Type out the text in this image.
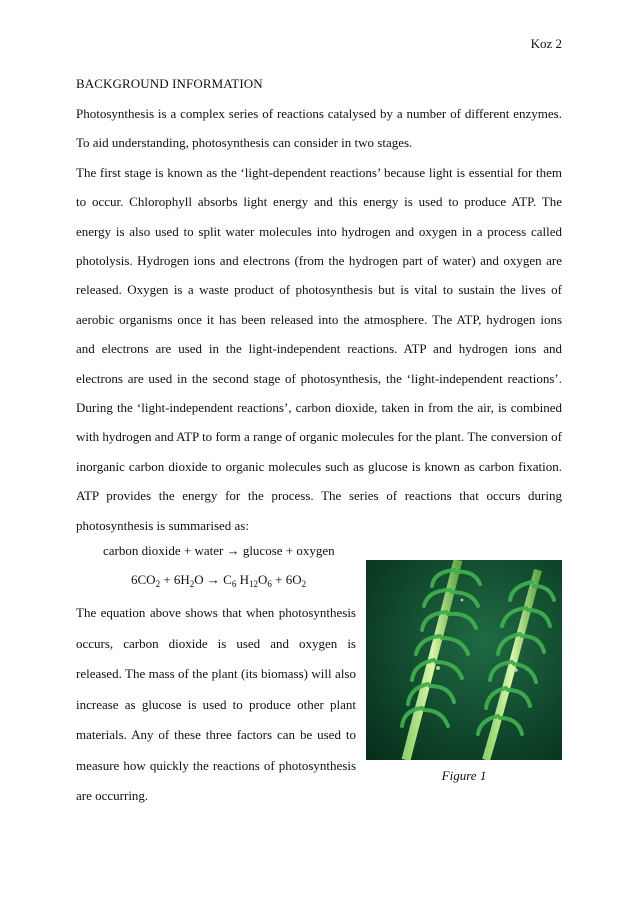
Koz 2
BACKGROUND INFORMATION

Photosynthesis is a complex series of reactions catalysed by a number of different enzymes. To aid understanding, photosynthesis can consider in two stages.

The first stage is known as the ‘light-dependent reactions’ because light is essential for them to occur. Chlorophyll absorbs light energy and this energy is used to produce ATP. The energy is also used to split water molecules into hydrogen and oxygen in a process called photolysis. Hydrogen ions and electrons (from the hydrogen part of water) and oxygen are released. Oxygen is a waste product of photosynthesis but is vital to sustain the lives of aerobic organisms once it has been released into the atmosphere. The ATP, hydrogen ions and electrons are used in the light-independent reactions. ATP and hydrogen ions and electrons are used in the second stage of photosynthesis, the ‘light-independent reactions’. During the ‘light-independent reactions’, carbon dioxide, taken in from the air, is combined with hydrogen and ATP to form a range of organic molecules for the plant. The conversion of inorganic carbon dioxide to organic molecules such as glucose is known as carbon fixation. ATP provides the energy for the process. The series of reactions that occurs during photosynthesis is summarised as:

carbon dioxide + water → glucose + oxygen
$6CO_2 + 6H_2O \to C_6$ $H_{12}O_6 + 6O_2$

The equation above shows that when photosynthesis occurs, carbon dioxide is used and oxygen is released. The mass of the plant (its biomass) will also increase as glucose is used to produce other plant materials. Any of these three factors can be used to measure how quickly the reactions of photosynthesis are occurring.

Figure 1
